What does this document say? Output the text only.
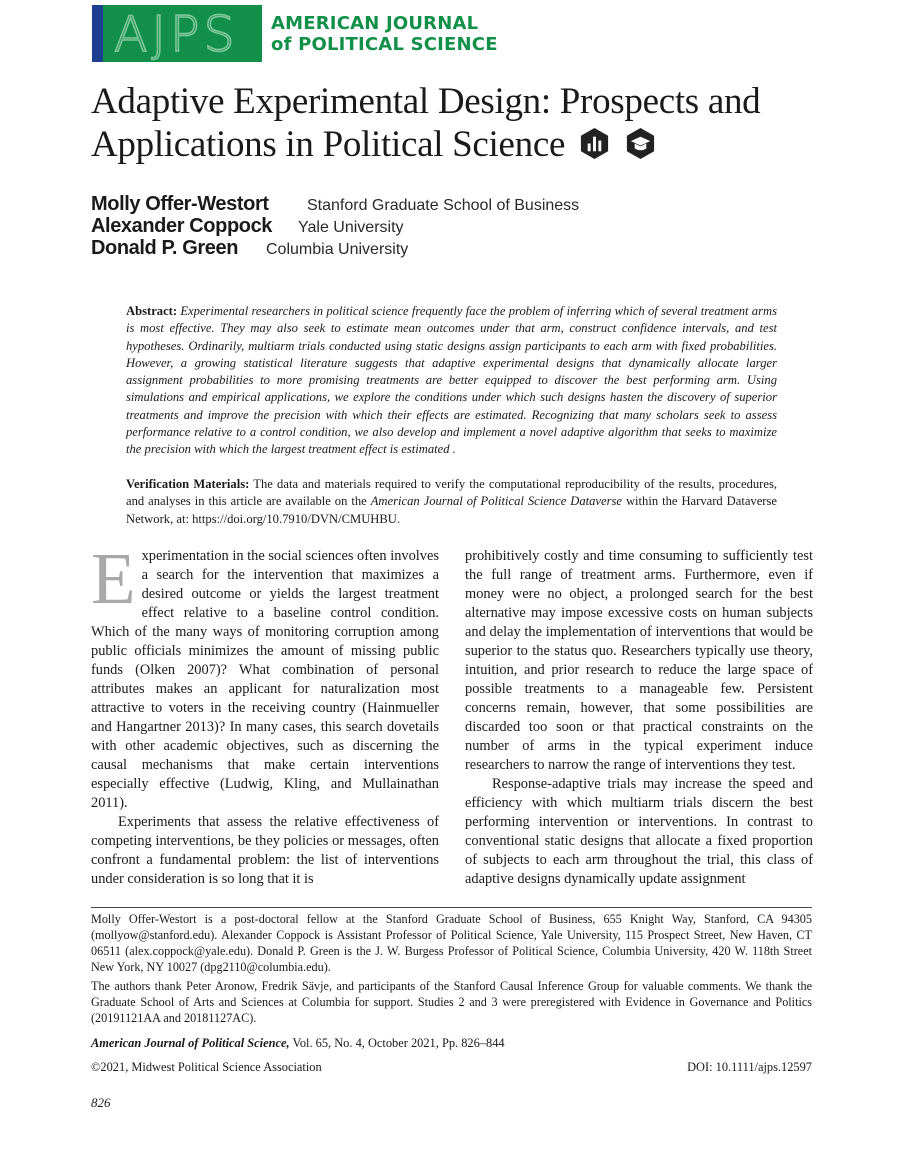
AJPS AMERICAN JOURNAL
of POLITICAL SCIENCE
Adaptive Experimental Design: Prospects and
Applications in Political Science
Molly Offer-Westort	Stanford Graduate School of Business
Alexander Coppock	Yale University
Donald P. Green	Columbia University
Abstract: Experimental researchers in political science frequently face the problem of inferring which of several treatment arms is most effective. They may also seek to estimate mean outcomes under that arm, construct confidence intervals, and test hypotheses. Ordinarily, multiarm trials conducted using static designs assign participants to each arm with fixed probabilities. However, a growing statistical literature suggests that adaptive experimental designs that dynamically allocate larger assignment probabilities to more promising treatments are better equipped to discover the best performing arm. Using simulations and empirical applications, we explore the conditions under which such designs hasten the discovery of superior treatments and improve the precision with which their effects are estimated. Recognizing that many scholars seek to assess performance relative to a control condition, we also develop and implement a novel adaptive algorithm that seeks to maximize the precision with which the largest treatment effect is estimated .
Verification Materials: The data and materials required to verify the computational reproducibility of the results, procedures, and analyses in this article are available on the American Journal of Political Science Dataverse within the Harvard Dataverse Network, at: https://doi.org/10.7910/DVN/CMUHBU.

Experimentation in the social sciences often involves a search for the intervention that maximizes a desired outcome or yields the largest treatment effect relative to a baseline control condition. Which of the many ways of monitoring corruption among public officials minimizes the amount of missing public funds (Olken 2007)? What combination of personal attributes makes an applicant for naturalization most attractive to voters in the receiving country (Hainmueller and Hangartner 2013)? In many cases, this search dovetails with other academic objectives, such as discerning the causal mechanisms that make certain interventions especially effective (Ludwig, Kling, and Mullainathan 2011).

Experiments that assess the relative effectiveness of competing interventions, be they policies or messages, often confront a fundamental problem: the list of interventions under consideration is so long that it is

prohibitively costly and time consuming to sufficiently test the full range of treatment arms. Furthermore, even if money were no object, a prolonged search for the best alternative may impose excessive costs on human subjects and delay the implementation of interventions that would be superior to the status quo. Researchers typically use theory, intuition, and prior research to reduce the large space of possible treatments to a manageable few. Persistent concerns remain, however, that some possibilities are discarded too soon or that practical constraints on the number of arms in the typical experiment induce researchers to narrow the range of interventions they test.

Response-adaptive trials may increase the speed and efficiency with which multiarm trials discern the best performing intervention or interventions. In contrast to conventional static designs that allocate a fixed proportion of subjects to each arm throughout the trial, this class of adaptive designs dynamically update assignment

Molly Offer-Westort is a post-doctoral fellow at the Stanford Graduate School of Business, 655 Knight Way, Stanford, CA 94305 (mollyow@stanford.edu). Alexander Coppock is Assistant Professor of Political Science, Yale University, 115 Prospect Street, New Haven, CT 06511 (alex.coppock@yale.edu). Donald P. Green is the J. W. Burgess Professor of Political Science, Columbia University, 420 W. 118th Street New York, NY 10027 (dpg2110@columbia.edu).
The authors thank Peter Aronow, Fredrik Sävje, and participants of the Stanford Causal Inference Group for valuable comments. We thank the Graduate School of Arts and Sciences at Columbia for support. Studies 2 and 3 were preregistered with Evidence in Governance and Politics (20191121AA and 20181127AC).
American Journal of Political Science, Vol. 65, No. 4, October 2021, Pp. 826–844
©2021, Midwest Political Science Association	DOI: 10.1111/ajps.12597
826
